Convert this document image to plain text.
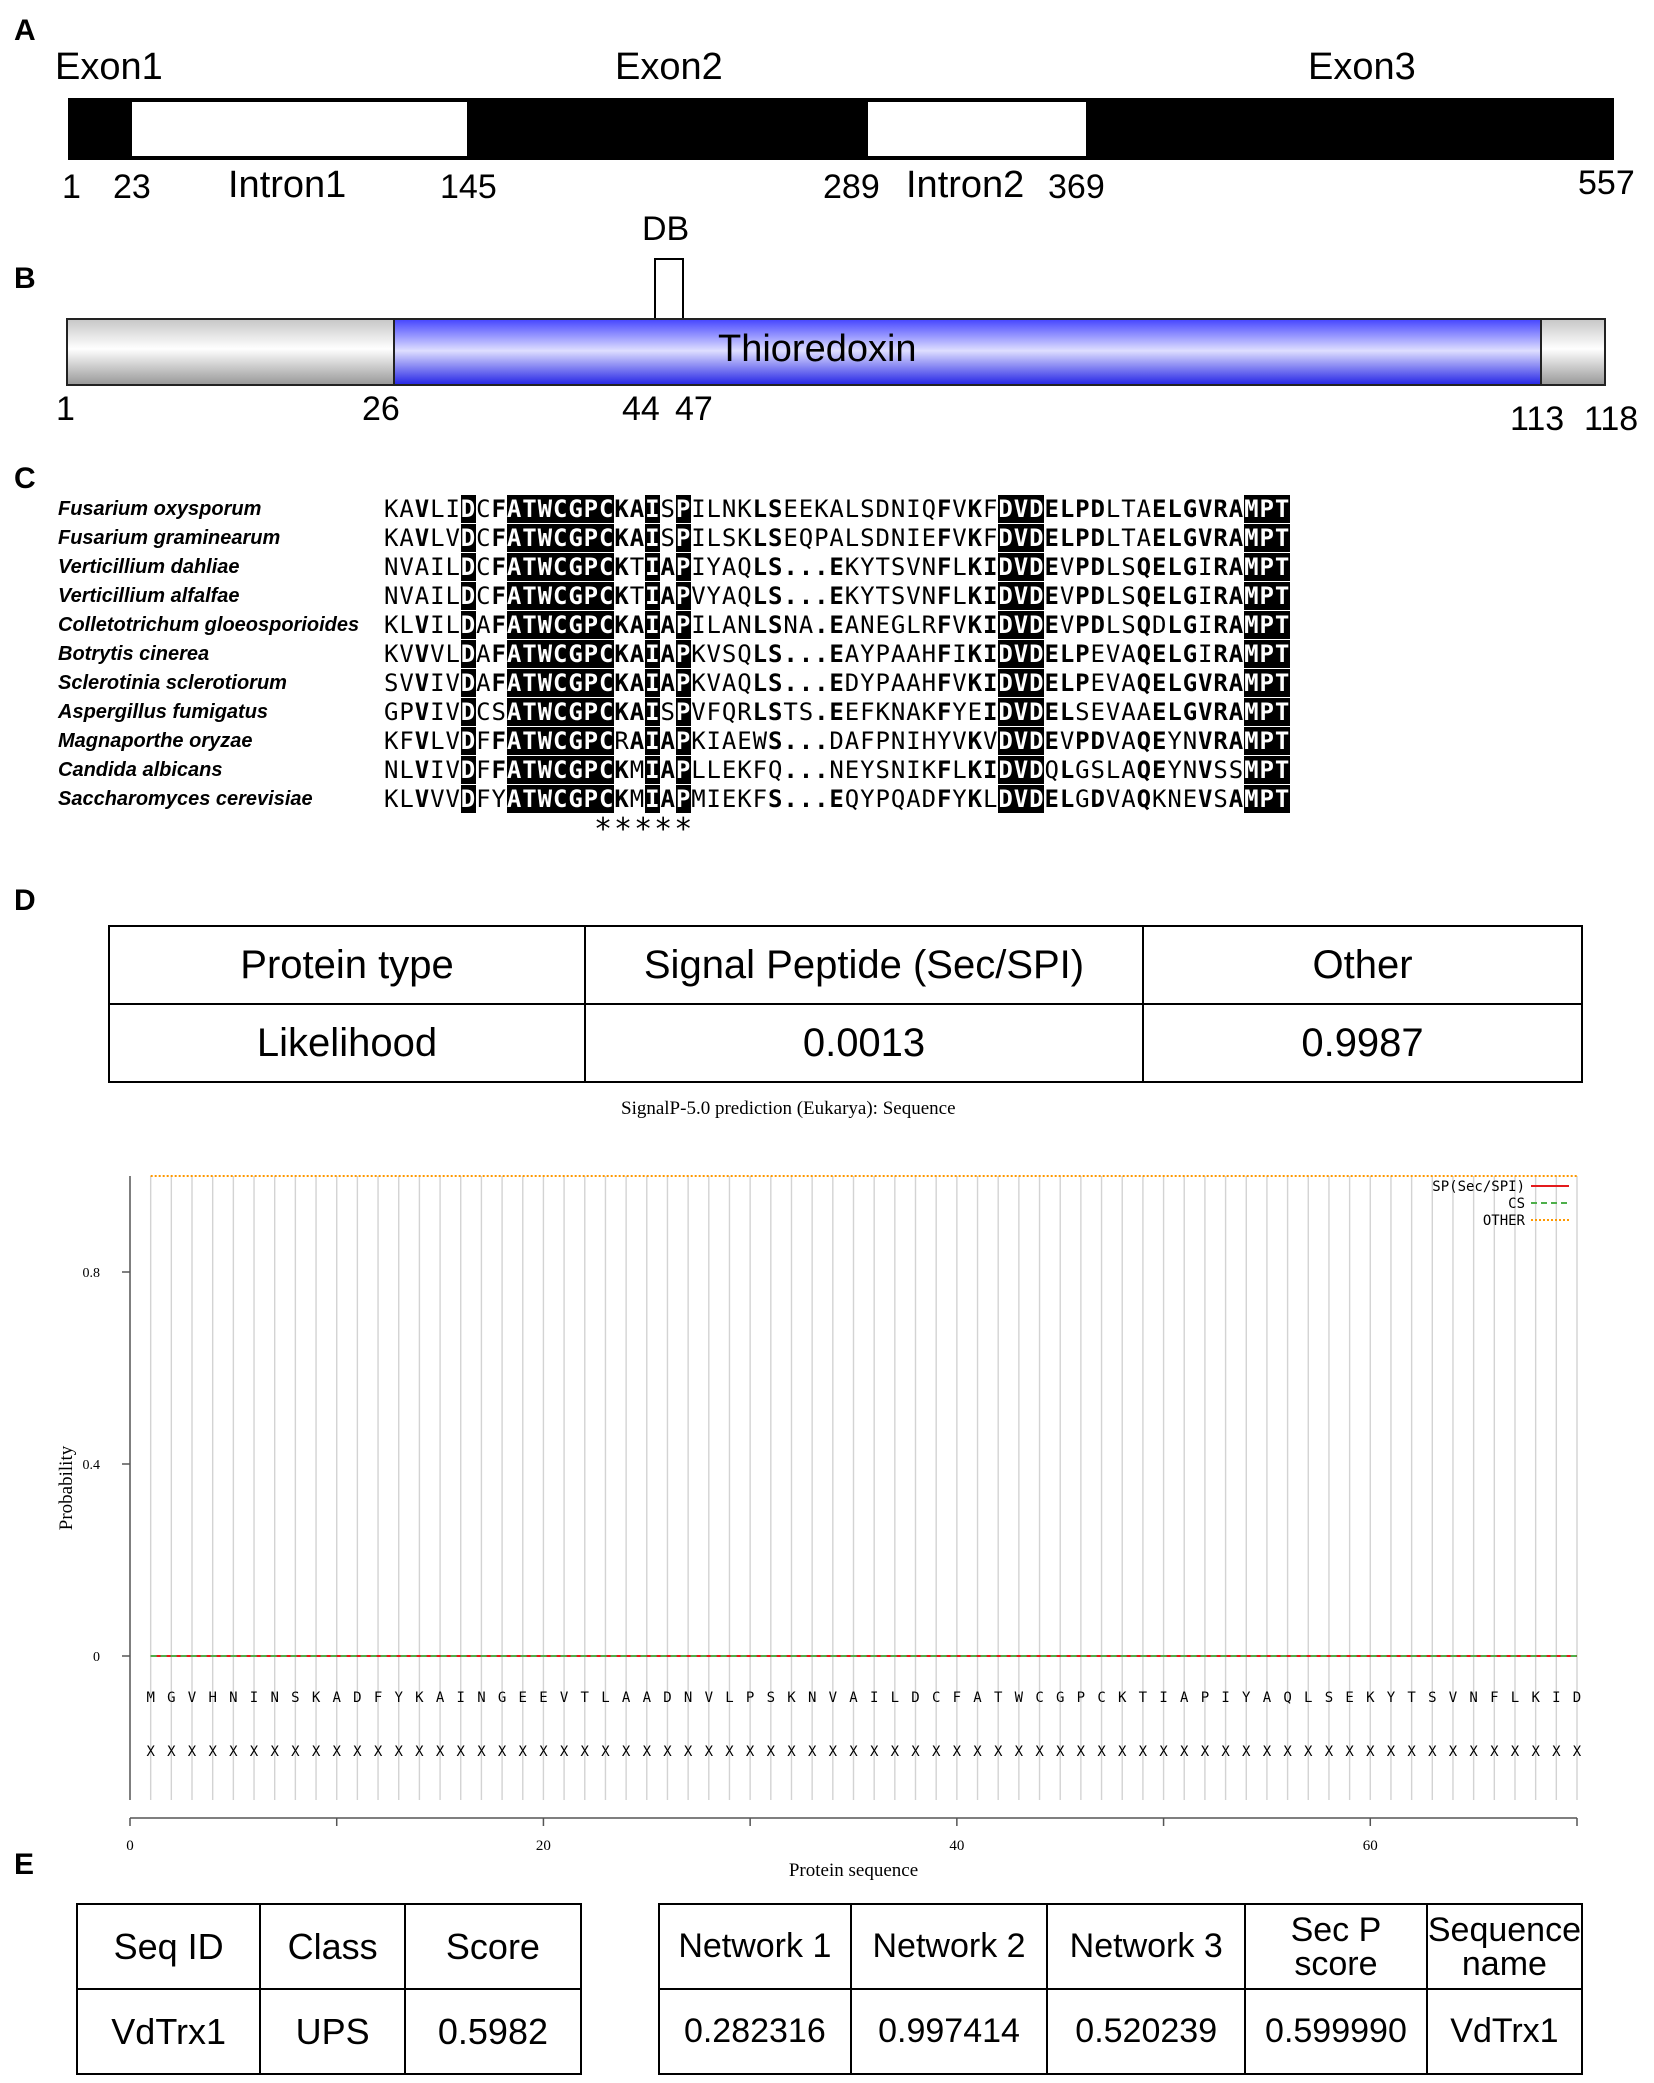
A
Exon1	Exon2	Exon3
1 23 Intron1	145	289 Intron2 369	557
B
DB
Thioredoxin
1	26	44 47	113 118
C
Fusarium oxysporum	KAVLIDCFATWCGPCKAISPILNKLSEEKALSDNIQFVKFDVDELPDLTAELGVRAMPT
Fusarium graminearum	KAVLVDCFATWCGPCKAISPILSKLSEQPALSDNIEFVKFDVDELPDLTAELGVRAMPT
Verticillium dahliae	NVAILDCFATWCGPCKTIAPIYAQLS...EKYTSVNFLKIDVDEVPDLSQELGIRAMPT
Verticillium alfalfae	NVAILDCFATWCGPCKTIAPVYAQLS...EKYTSVNFLKIDVDEVPDLSQELGIRAMPT
Colletotrichum gloeosporioides KLVILDAFATWCGPCKAIAPILANLSNA.EANEGLRFVKIDVDEVPDLSQDLGIRAMPT
Botrytis cinerea	KVVVLDAFATWCGPCKAIAPKVSQLS...EAYPAAHFIKIDVDELPEVAQELGIRAMPT
Sclerotinia sclerotiorum	SVVIVDAFATWCGPCKAIAPKVAQLS...EDYPAAHFVKIDVDELPEVAQELGVRAMPT
Aspergillus fumigatus	GPVIVDCSATWCGPCKAISPVFQRLSTS.EEFKNAKFYEIDVDELSEVAAELGVRAMPT
Magnaporthe oryzae	KFVLVDFFATWCGPCRAIAPKIAEWS...DAFPNIHYVKVDVDEVPDVAQEYNVRAMPT
Candida albicans	NLVIVDFFATWCGPCKMIAPLLEKFQ...NEYSNIKFLKIDVDQLGSLAQEYNVSSMPT
Saccharomyces cerevisiae	KLVVVDFYATWCGPCKMIAPMIEKFS...EQYPQADFYKLDVDELGDVAQKNEVSAMPT
*****
D
Protein type	Signal Peptide (Sec/SPI)	Other
Likelihood	0.0013	0.9987
SignalP-5.0 prediction (Eukarya): Sequence
0
0.4
0.8
0	20	40	60
Probability
Protein sequence
M
X
G
X
V
X
H
X
N
X
I
X
N
X
S
X
K
X
A
X
D
X
F
X
Y
X
K
X
A
X
I
X
N
X
G
X
E
X
E
X
V
X
T
X
L
X
A
X
A
X
D
X
N
X
V
X
L
X
P
X
S
X
K
X
N
X
V
X
A
X
I
X
L
X
D
X
C
X
F
X
A
X
T
X
W
X
C
X
G
X
P
X
C
X
K
X
T
X
I
X
A
X
P
X
I
X
Y
X
A
X
Q
X
L
X
S
X
E
X
K
X
Y
X
T
X
S
X
V
X
N
X
F
X
L
X
K
X
I
X
D
X
SP(Sec/SPI)
CS
OTHER
E
Seq ID	Class	Score
VdTrx1	UPS	0.5982
Network 1	Network 2	Network 3	Sec P score	Sequence name
0.282316	0.997414	0.520239	0.599990	VdTrx1
